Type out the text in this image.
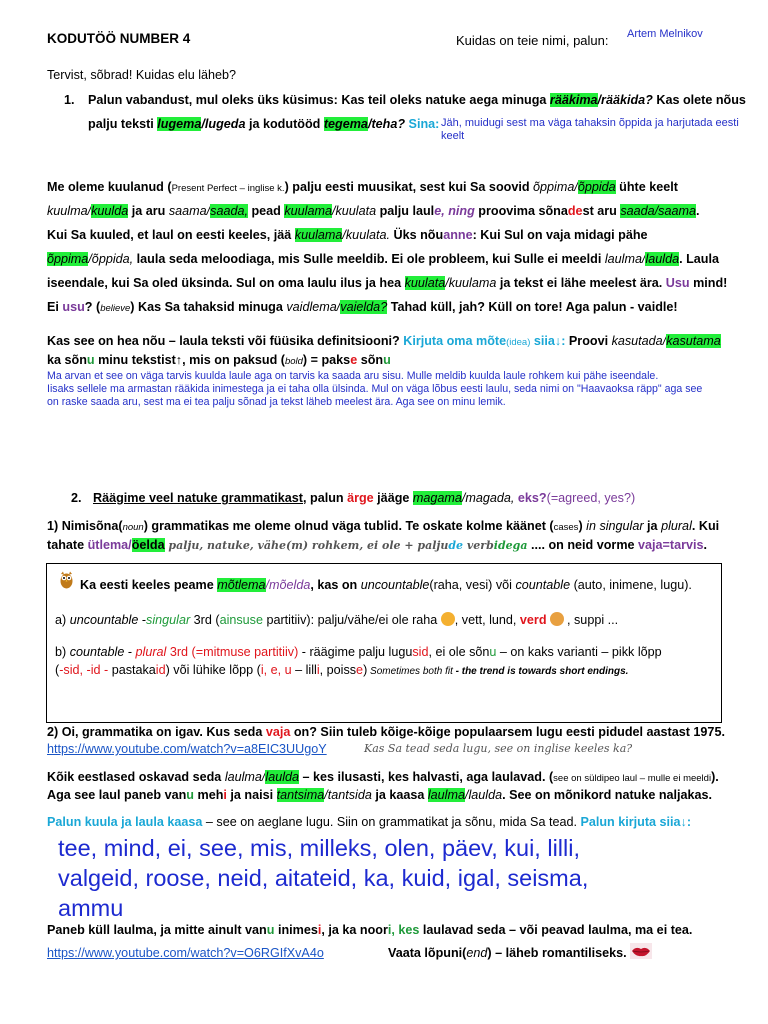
KODUTÖÖ NUMBER 4	Kuidas on teie nimi, palun: Artem Melnikov
Tervist, sõbrad! Kuidas elu läheb?
1. Palun vabandust, mul oleks üks küsimus: Kas teil oleks natuke aega minuga rääkima/rääkida? Kas olete nõus
palju teksti lugema/lugeda ja kodutööd tegema/teha? Sina: Jäh, muidugi sest ma väga tahaksin õppida ja harjutada eesti
keelt
Me oleme kuulanud (Present Perfect – inglise k.) palju eesti muusikat, sest kui Sa soovid õppima/õppida ühte keelt
kuulma/kuulda ja aru saama/saada, pead kuulama/kuulata palju laule, ning proovima sõnadest aru saada/saama.
Kui Sa kuuled, et laul on eesti keeles, jää kuulama/kuulata. Üks nõuanne: Kui Sul on vaja midagi pähe
õppima/õppida, laula seda meloodiaga, mis Sulle meeldib. Ei ole probleem, kui Sulle ei meeldi laulma/laulda. Laula
iseendale, kui Sa oled üksinda. Sul on oma laulu ilus ja hea kuulata/kuulama ja tekst ei lähe meelest ära. Usu mind!
Ei usu? (believe) Kas Sa tahaksid minuga vaidlema/vaielda? Tahad küll, jah? Küll on tore! Aga palun - vaidle!
Kas see on hea nõu – laula teksti või füüsika definitsiooni? Kirjuta oma mõte(idea) siia↓: Proovi kasutada/kasutama
ka sõnu minu tekstist↑, mis on paksud (bold) = pakse sõnu
Ma arvan et see on väga tarvis kuulda laule aga on tarvis ka saada aru sisu. Mulle meldib kuulda laule rohkem kui pähe iseendale.
Iisaks sellele ma armastan rääkida inimestega ja ei taha olla ülsinda. Mul on väga lõbus eesti laulu, seda nimi on "Haavaoksa räpp" aga see
on raske saada aru, sest ma ei tea palju sõnad ja tekst läheb meelest ära. Aga see on minu lemik.
2. Räägime veel natuke grammatikast, palun ärge jääge magama/magada, eks?(=agreed, yes?)
1) Nimisõna(noun) grammatikas me oleme olnud väga tublid. Te oskate kolme käänet (cases) in singular ja plural. Kui
tahate ütlema/öelda palju, natuke, vähe(m) rohkem, ei ole + paljude verbidega .... on neid vorme vaja=tarvis.
Ka eesti keeles peame mõtlema/mõelda, kas on uncountable(raha, vesi) või countable (auto, inimene, lugu).
a) uncountable -singular 3rd (ainsuse partitiiv): palju/vähe/ei ole raha , vett, lund, verd , suppi ...
b) countable - plural 3rd (=mitmuse partitiiv) - räägime palju lugusid, ei ole sõnu – on kaks varianti – pikk lõpp
(-sid, -id - pastakaid) või lühike lõpp (i, e, u – lilli, poisse) Sometimes both fit - the trend is towards short endings.
2) Oi, grammatika on igav. Kus seda vaja on? Siin tuleb kõige-kõige populaarsem lugu eesti pidudel aastast 1975.
https://www.youtube.com/watch?v=a8EIC3UUgoY	Kas Sa tead seda lugu, see on inglise keeles ka?
Kõik eestlased oskavad seda laulma/laulda – kes ilusasti, kes halvasti, aga laulavad. (see on süldipeo laul – mulle ei meeldi).
Aga see laul paneb vanu mehi ja naisi tantsima/tantsida ja kaasa laulma/laulda. See on mõnikord natuke naljakas.
Palun kuula ja laula kaasa – see on aeglane lugu. Siin on grammatikat ja sõnu, mida Sa tead. Palun kirjuta siia↓:
tee, mind, ei, see, mis, milleks, olen, päev, kui, lilli,
valgeid, roose, neid, aitateid, ka, kuid, igal, seisma,
ammu
Paneb küll laulma, ja mitte ainult vanu inimesi, ja ka noori, kes laulavad seda – või peavad laulma, ma ei tea.
https://www.youtube.com/watch?v=O6RGIfXvA4o	Vaata lõpuni(end) – läheb romantiliseks.
